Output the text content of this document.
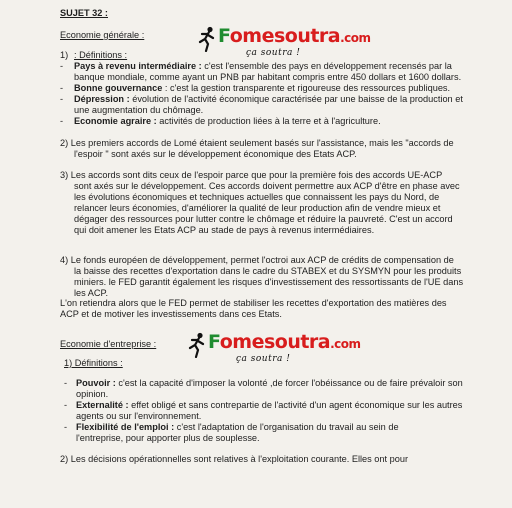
SUJET 32 :
Economie générale :	Fomesoutra.com
ça soutra !
1) : Définitions :
- Pays à revenu intermédiaire : c'est l'ensemble des pays en développement recensés par la
banque mondiale, comme ayant un PNB par habitant compris entre 450 dollars et 1600 dollars.
- Bonne gouvernance : c'est la gestion transparente et rigoureuse des ressources publiques.
- Dépression : évolution de l'activité économique caractérisée par une baisse de la production et
une augmentation du chômage.
- Economie agraire : activités de production liées à la terre et à l'agriculture.
2) Les premiers accords de Lomé étaient seulement basés sur l'assistance, mais les "accords de
l'espoir " sont axés sur le développement économique des Etats ACP.
3) Les accords sont dits ceux de l'espoir parce que pour la première fois des accords UE-ACP
sont axés sur le développement. Ces accords doivent permettre aux ACP d'être en phase avec
les évolutions économiques et techniques actuelles que connaissent les pays du Nord, de
relancer leurs économies, d'améliorer la qualité de leur production afin de vendre mieux et
dégager des ressources pour lutter contre le chômage et réduire la pauvreté. C'est un accord
qui doit amener les Etats ACP au stade de pays à revenus intermédiaires.
4) Le fonds européen de développement, permet l'octroi aux ACP de crédits de compensation de
la baisse des recettes d'exportation dans le cadre du STABEX et du SYSMYN pour les produits
miniers. le FED garantit également les risques d'investissement des ressortissants de l'UE dans
les ACP.
L'on retiendra alors que le FED permet de stabiliser les recettes d'exportation des matières des
ACP et de motiver les investissements dans ces Etats.
Economie d'entreprise :	Fomesoutra.com
ça soutra !
1) Définitions :
- Pouvoir : c'est la capacité d'imposer la volonté ,de forcer l'obéissance ou de faire prévaloir son
opinion.
- Externalité : effet obligé et sans contrepartie de l'activité d'un agent économique sur les autres
agents ou sur l'environnement.
- Flexibilité de l'emploi : c'est l'adaptation de l'organisation du travail au sein de
l'entreprise, pour apporter plus de souplesse.
2) Les décisions opérationnelles sont relatives à l'exploitation courante. Elles ont pour
